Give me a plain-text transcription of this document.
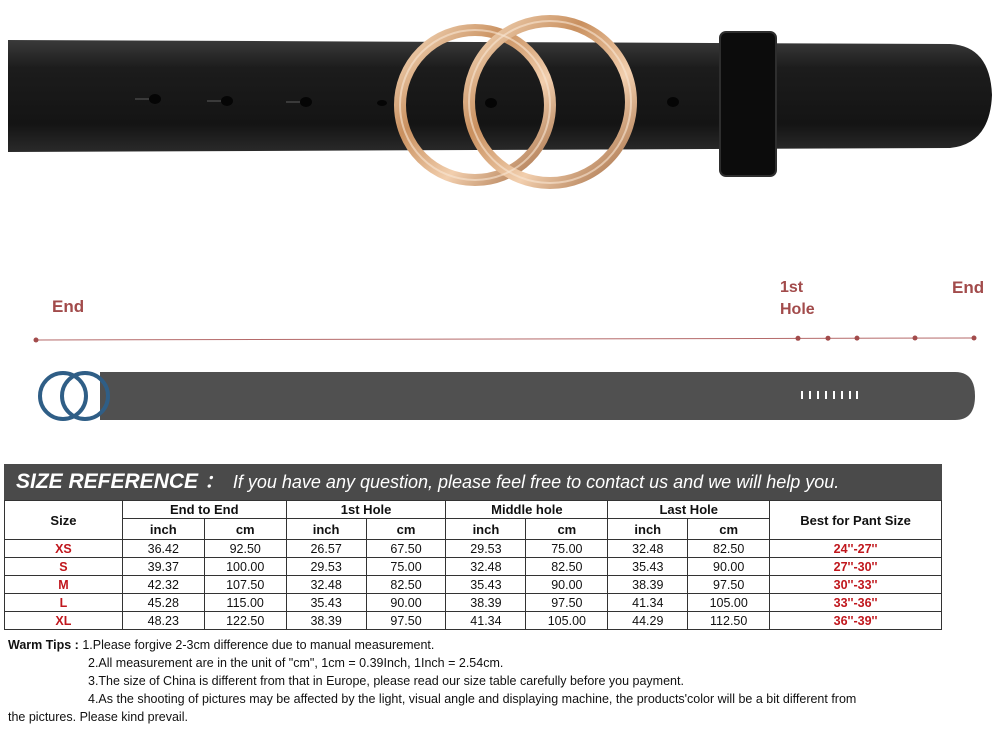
End
1st
Hole
End
SIZE REFERENCE ： If you have any question, please feel free to contact us and we will help you.
Size	End to End		1st Hole		Middle hole		Last Hole		Best for Pant Size
	inch	cm	inch	cm	inch	cm	inch	cm	
XS	36.42	92.50	26.57	67.50	29.53	75.00	32.48	82.50	24''-27''
S	39.37	100.00	29.53	75.00	32.48	82.50	35.43	90.00	27''-30''
M	42.32	107.50	32.48	82.50	35.43	90.00	38.39	97.50	30''-33''
L	45.28	115.00	35.43	90.00	38.39	97.50	41.34	105.00	33''-36''
XL	48.23	122.50	38.39	97.50	41.34	105.00	44.29	112.50	36''-39''
Warm Tips : 1.Please forgive 2-3cm difference due to manual measurement.
2.All measurement are in the unit of "cm", 1cm = 0.39Inch, 1Inch = 2.54cm.
3.The size of China is different from that in Europe, please read our size table carefully before you payment.
4.As the shooting of pictures may be affected by the light, visual angle and displaying machine, the products'color will be a bit different from
the pictures. Please kind prevail.
